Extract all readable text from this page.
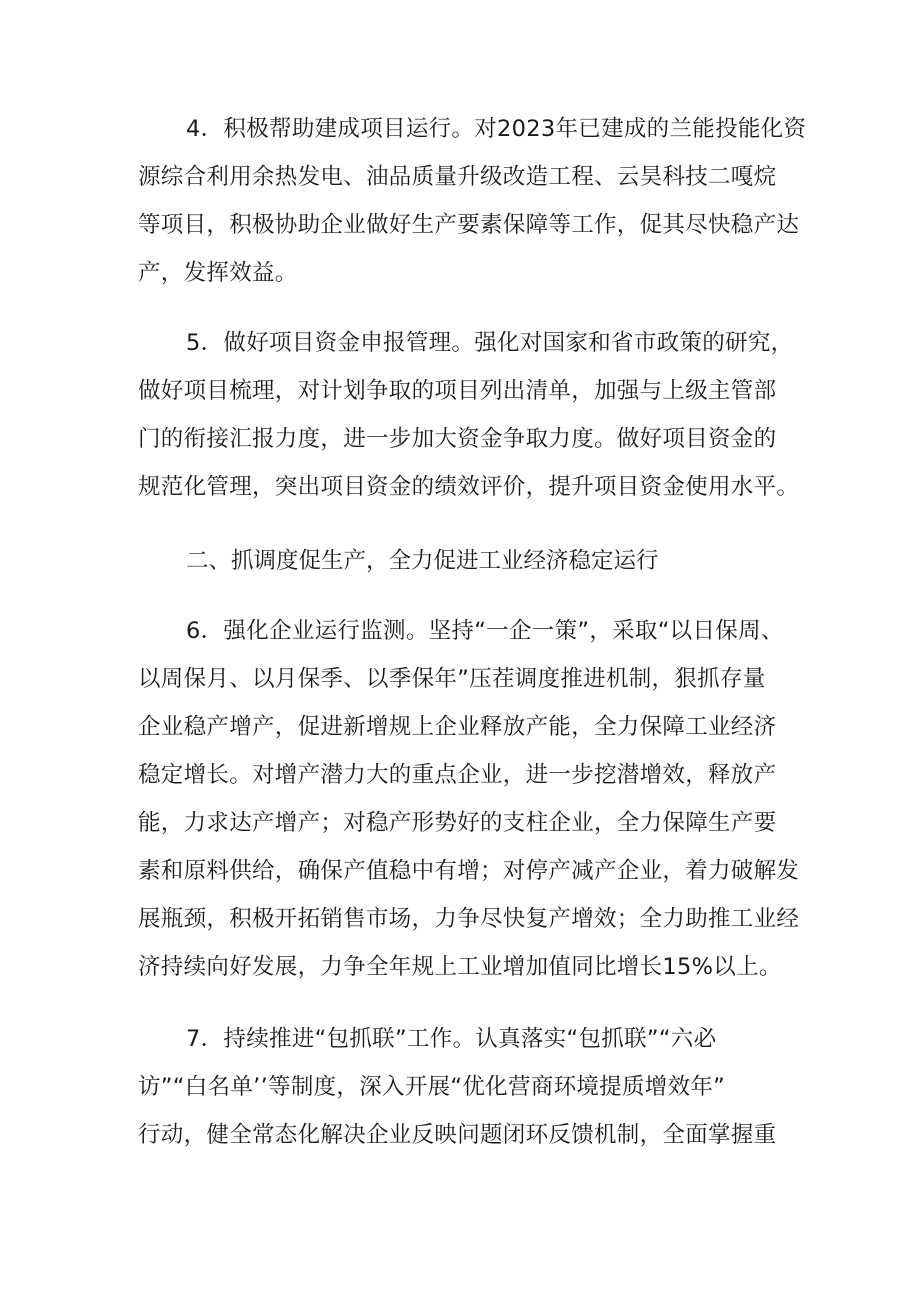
4．积极帮助建成项目运行。对2023年已建成的兰能投能化资
源综合利用余热发电、油品质量升级改造工程、云昊科技二嘎烷
等项目，积极协助企业做好生产要素保障等工作，促其尽快稳产达
产，发挥效益。

5．做好项目资金申报管理。强化对国家和省市政策的研究，
做好项目梳理，对计划争取的项目列出清单，加强与上级主管部
门的衔接汇报力度，进一步加大资金争取力度。做好项目资金的
规范化管理，突出项目资金的绩效评价，提升项目资金使用水平。

二、抓调度促生产，全力促进工业经济稳定运行

6．强化企业运行监测。坚持“一企一策”，采取“以日保周、
以周保月、以月保季、以季保年”压茬调度推进机制，狠抓存量
企业稳产增产，促进新增规上企业释放产能，全力保障工业经济
稳定增长。对增产潜力大的重点企业，进一步挖潜增效，释放产
能，力求达产增产；对稳产形势好的支柱企业，全力保障生产要
素和原料供给，确保产值稳中有增；对停产减产企业，着力破解发
展瓶颈，积极开拓销售市场，力争尽快复产增效；全力助推工业经
济持续向好发展，力争全年规上工业增加值同比增长15%以上。

7．持续推进“包抓联”工作。认真落实“包抓联”“六必
访”“白名单’’等制度，深入开展“优化营商环境提质增效年”
行动，健全常态化解决企业反映问题闭环反馈机制，全面掌握重
